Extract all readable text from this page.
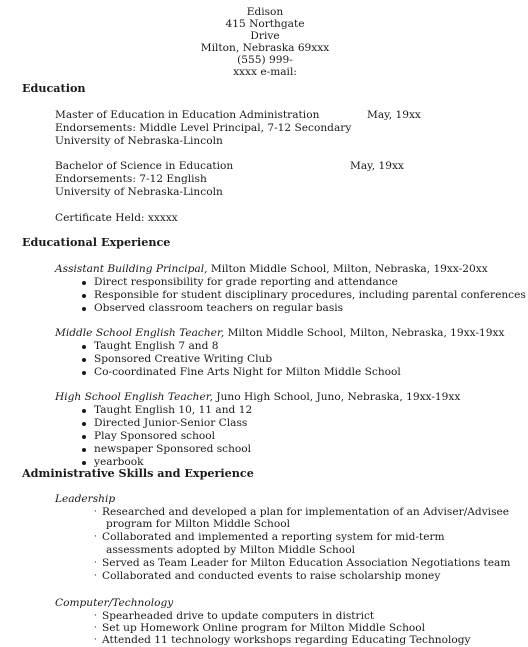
Edison
415 Northgate
Drive
Milton, Nebraska 69xxx
(555) 999-
xxxx e-mail:
Education
Master of Education in Education Administration	May, 19xx
Endorsements: Middle Level Principal, 7-12 Secondary
University of Nebraska-Lincoln
Bachelor of Science in Education	May, 19xx
Endorsements: 7-12 English
University of Nebraska-Lincoln
Certificate Held: xxxxx
Educational Experience
Assistant Building Principal, Milton Middle School, Milton, Nebraska, 19xx-20xx
Direct responsibility for grade reporting and attendance
Responsible for student disciplinary procedures, including parental conferences
Observed classroom teachers on regular basis
Middle School English Teacher, Milton Middle School, Milton, Nebraska, 19xx-19xx
Taught English 7 and 8
Sponsored Creative Writing Club
Co-coordinated Fine Arts Night for Milton Middle School
High School English Teacher, Juno High School, Juno, Nebraska, 19xx-19xx
Taught English 10, 11 and 12
Directed Junior-Senior Class
Play Sponsored school
newspaper Sponsored school
yearbook
Administrative Skills and Experience
Leadership
· Researched and developed a plan for implementation of an Adviser/Advisee
program for Milton Middle School
· Collaborated and implemented a reporting system for mid-term
assessments adopted by Milton Middle School
· Served as Team Leader for Milton Education Association Negotiations team
· Collaborated and conducted events to raise scholarship money
Computer/Technology
· Spearheaded drive to update computers in district
· Set up Homework Online program for Milton Middle School
· Attended 11 technology workshops regarding Educating Technology
